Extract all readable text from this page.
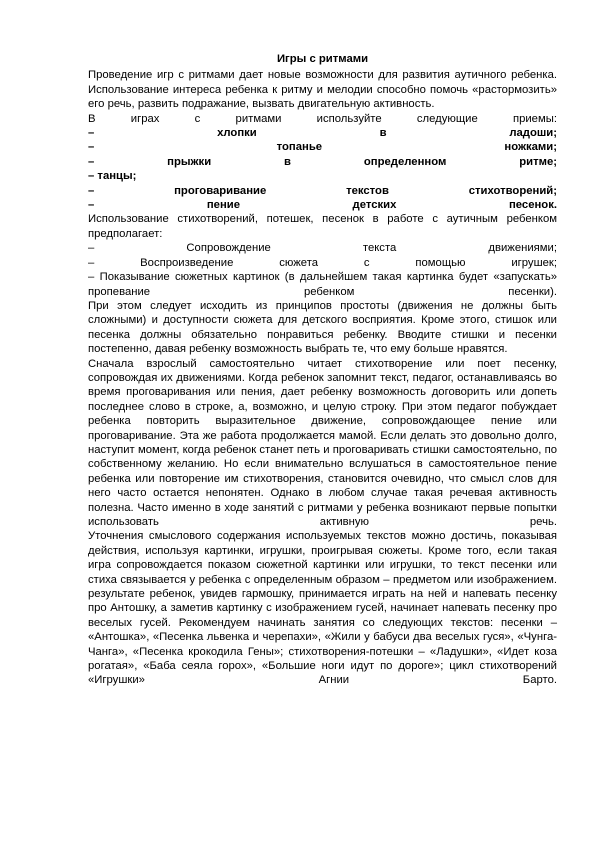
Игры с ритмами

Проведение игр с ритмами дает новые возможности для развития аутичного ребенка. Использование интереса ребенка к ритму и мелодии способно помочь «растормозить» его речь, развить подражание, вызвать двигательную активность.

В играх с ритмами используйте следующие приемы:

– хлопки в ладоши;

– топанье ножками;

– прыжки в определенном ритме;

– танцы;

– проговаривание текстов стихотворений;

– пение детских песенок.

Использование стихотворений, потешек, песенок в работе с аутичным ребенком предполагает:

– Сопровождение текста движениями;

– Воспроизведение сюжета с помощью игрушек;

– Показывание сюжетных картинок (в дальнейшем такая картинка будет «запускать» пропевание ребенком песенки).

При этом следует исходить из принципов простоты (движения не должны быть сложными) и доступности сюжета для детского восприятия. Кроме этого, стишок или песенка должны обязательно понравиться ребенку. Вводите стишки и песенки постепенно, давая ребенку возможность выбрать те, что ему больше нравятся.

Сначала взрослый самостоятельно читает стихотворение или поет песенку, сопровождая их движениями. Когда ребенок запомнит текст, педагог, останавливаясь во время проговаривания или пения, дает ребенку возможность договорить или допеть последнее слово в строке, а, возможно, и целую строку. При этом педагог побуждает ребенка повторить выразительное движение, сопровождающее пение или проговаривание. Эта же работа продолжается мамой. Если делать это довольно долго, наступит момент, когда ребенок станет петь и проговаривать стишки самостоятельно, по собственному желанию. Но если внимательно вслушаться в самостоятельное пение ребенка или повторение им стихотворения, становится очевидно, что смысл слов для него часто остается непонятен. Однако в любом случае такая речевая активность полезна. Часто именно в ходе занятий с ритмами у ребенка возникают первые попытки использовать активную речь.

Уточнения смыслового содержания используемых текстов можно достичь, показывая действия, используя картинки, игрушки, проигрывая сюжеты. Кроме того, если такая игра сопровождается показом сюжетной картинки или игрушки, то текст песенки или стиха связывается у ребенка с определенным образом – предметом или изображением. результате ребенок, увидев гармошку, принимается играть на ней и напевать песенку про Антошку, а заметив картинку с изображением гусей, начинает напевать песенку про веселых гусей. Рекомендуем начинать занятия со следующих текстов: песенки – «Антошка», «Песенка львенка и черепахи», «Жили у бабуси два веселых гуся», «Чунга-Чанга», «Песенка крокодила Гены»; стихотворения-потешки – «Ладушки», «Идет коза рогатая», «Баба сеяла горох», «Большие ноги идут по дороге»; цикл стихотворений «Игрушки» Агнии Барто.
